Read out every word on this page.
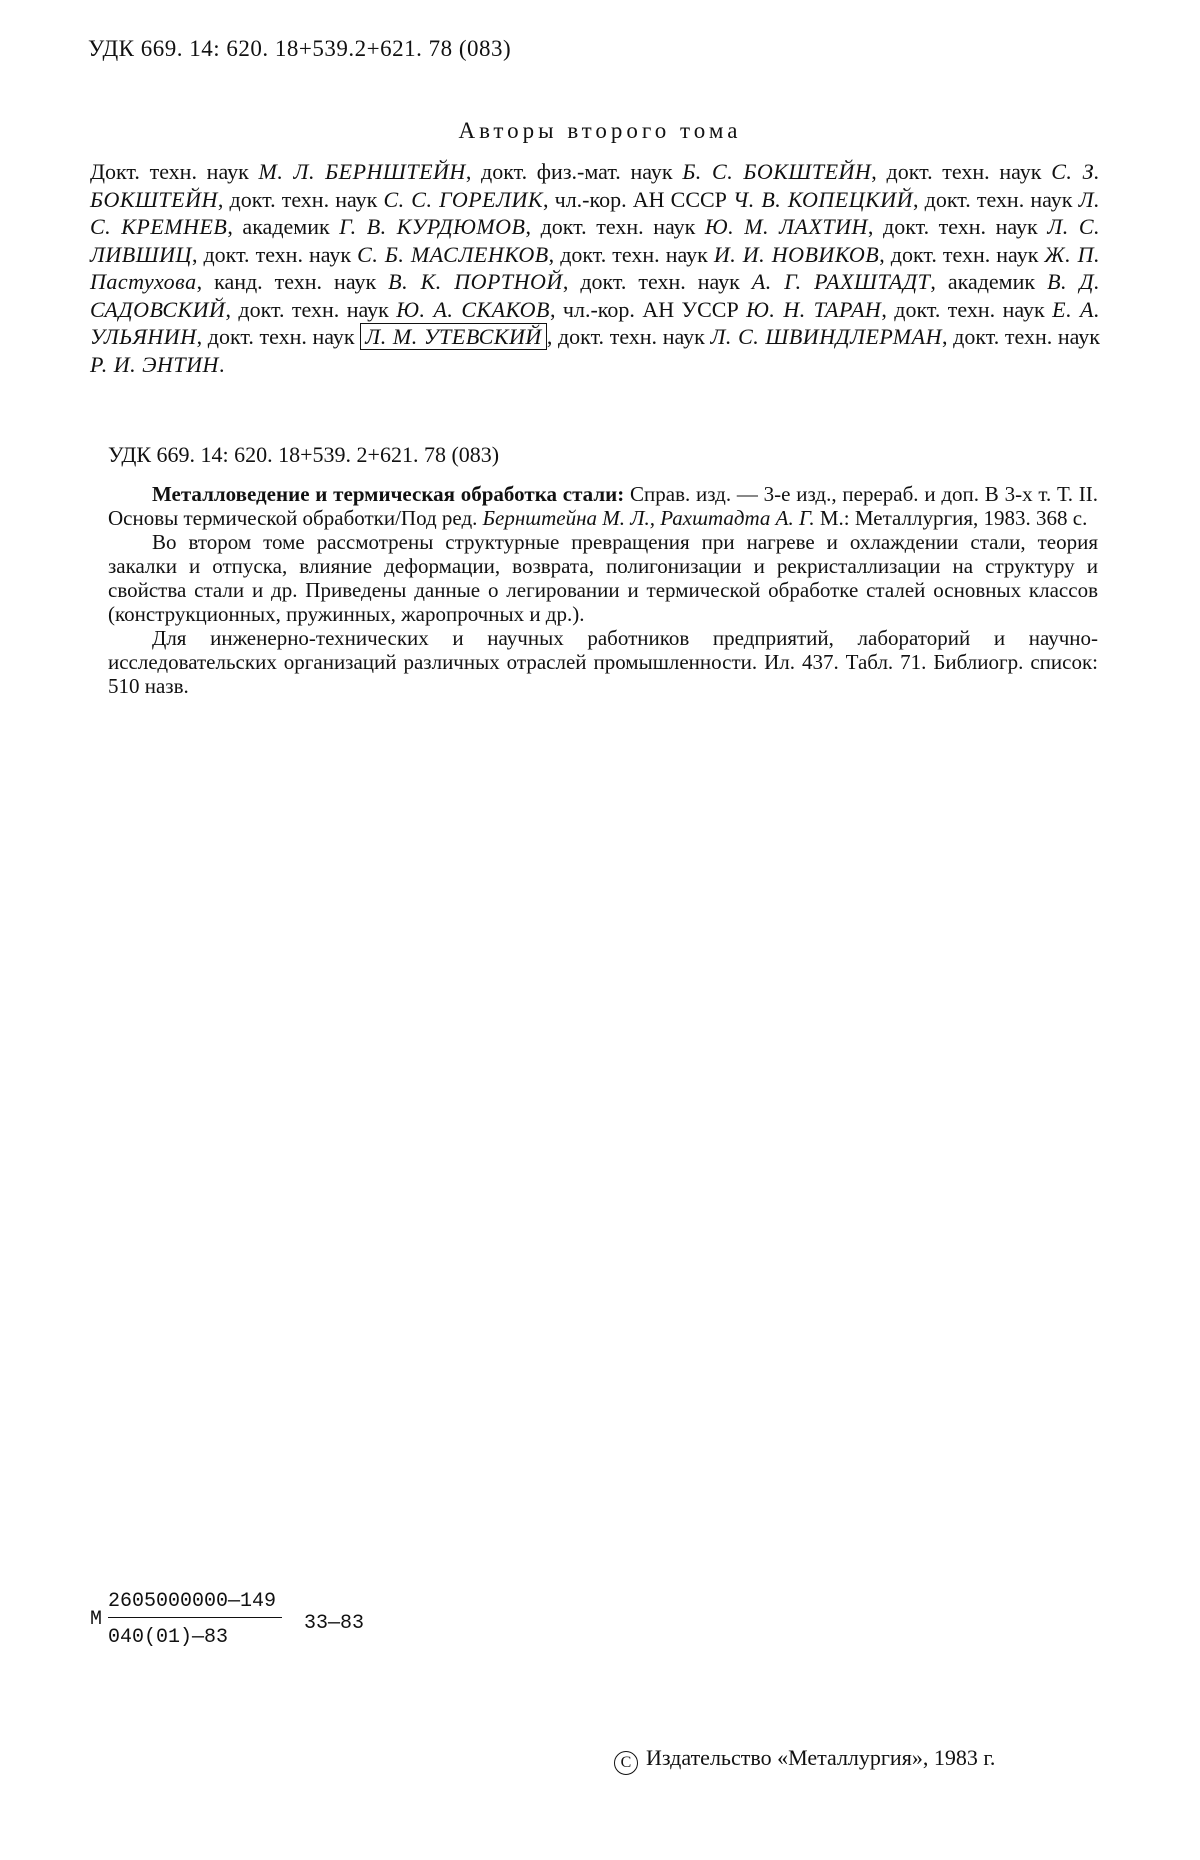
УДК 669. 14: 620. 18+539.2+621. 78 (083)

Авторы второго тома

Докт. техн. наук М. Л. БЕРНШТЕЙН, докт. физ.-мат. наук Б. С. БОКШТЕЙН, докт. техн. наук С. З. БОКШТЕЙН, докт. техн. наук С. С. ГОРЕЛИК, чл.-кор. АН СССР Ч. В. КОПЕЦКИЙ, докт. техн. наук Л. С. КРЕМНЕВ, академик Г. В. КУРДЮМОВ, докт. техн. наук Ю. М. ЛАХТИН, докт. техн. наук Л. С. ЛИВШИЦ, докт. техн. наук С. Б. МАСЛЕНКОВ, докт. техн. наук И. И. НОВИКОВ, докт. техн. наук Ж. П. Пастухова, канд. техн. наук В. К. ПОРТНОЙ, докт. техн. наук А. Г. РАХШТАДТ, академик В. Д. САДОВСКИЙ, докт. техн. наук Ю. А. СКАКОВ, чл.-кор. АН УССР Ю. Н. ТАРАН, докт. техн. наук Е. А. УЛЬЯНИН, докт. техн. наук Л. М. УТЕВСКИЙ , докт. техн. наук Л. С. ШВИНДЛЕРМАН, докт. техн. наук Р. И. ЭНТИН.

УДК 669. 14: 620. 18+539. 2+621. 78 (083)

Металловедение и термическая обработка стали: Справ. изд. — 3-е изд., перераб. и доп. В 3-х т. Т. II. Основы термической обработки/Под ред. Бернштейна М. Л., Рахштадта А. Г. М.: Металлургия, 1983. 368 с.

Во втором томе рассмотрены структурные превращения при нагреве и охлаждении стали, теория закалки и отпуска, влияние деформации, возврата, полигонизации и рекристаллизации на структуру и свойства стали и др. Приведены данные о легировании и термической обработке сталей основных классов (конструкционных, пружинных, жаропрочных и др.).

Для инженерно-технических и научных работников предприятий, лабораторий и научно-исследовательских организаций различных отраслей промышленности. Ил. 437. Табл. 71. Библиогр. список: 510 назв.

М
2605000000—149
040(01)—83
33—83

С Издательство «Металлургия», 1983 г.
